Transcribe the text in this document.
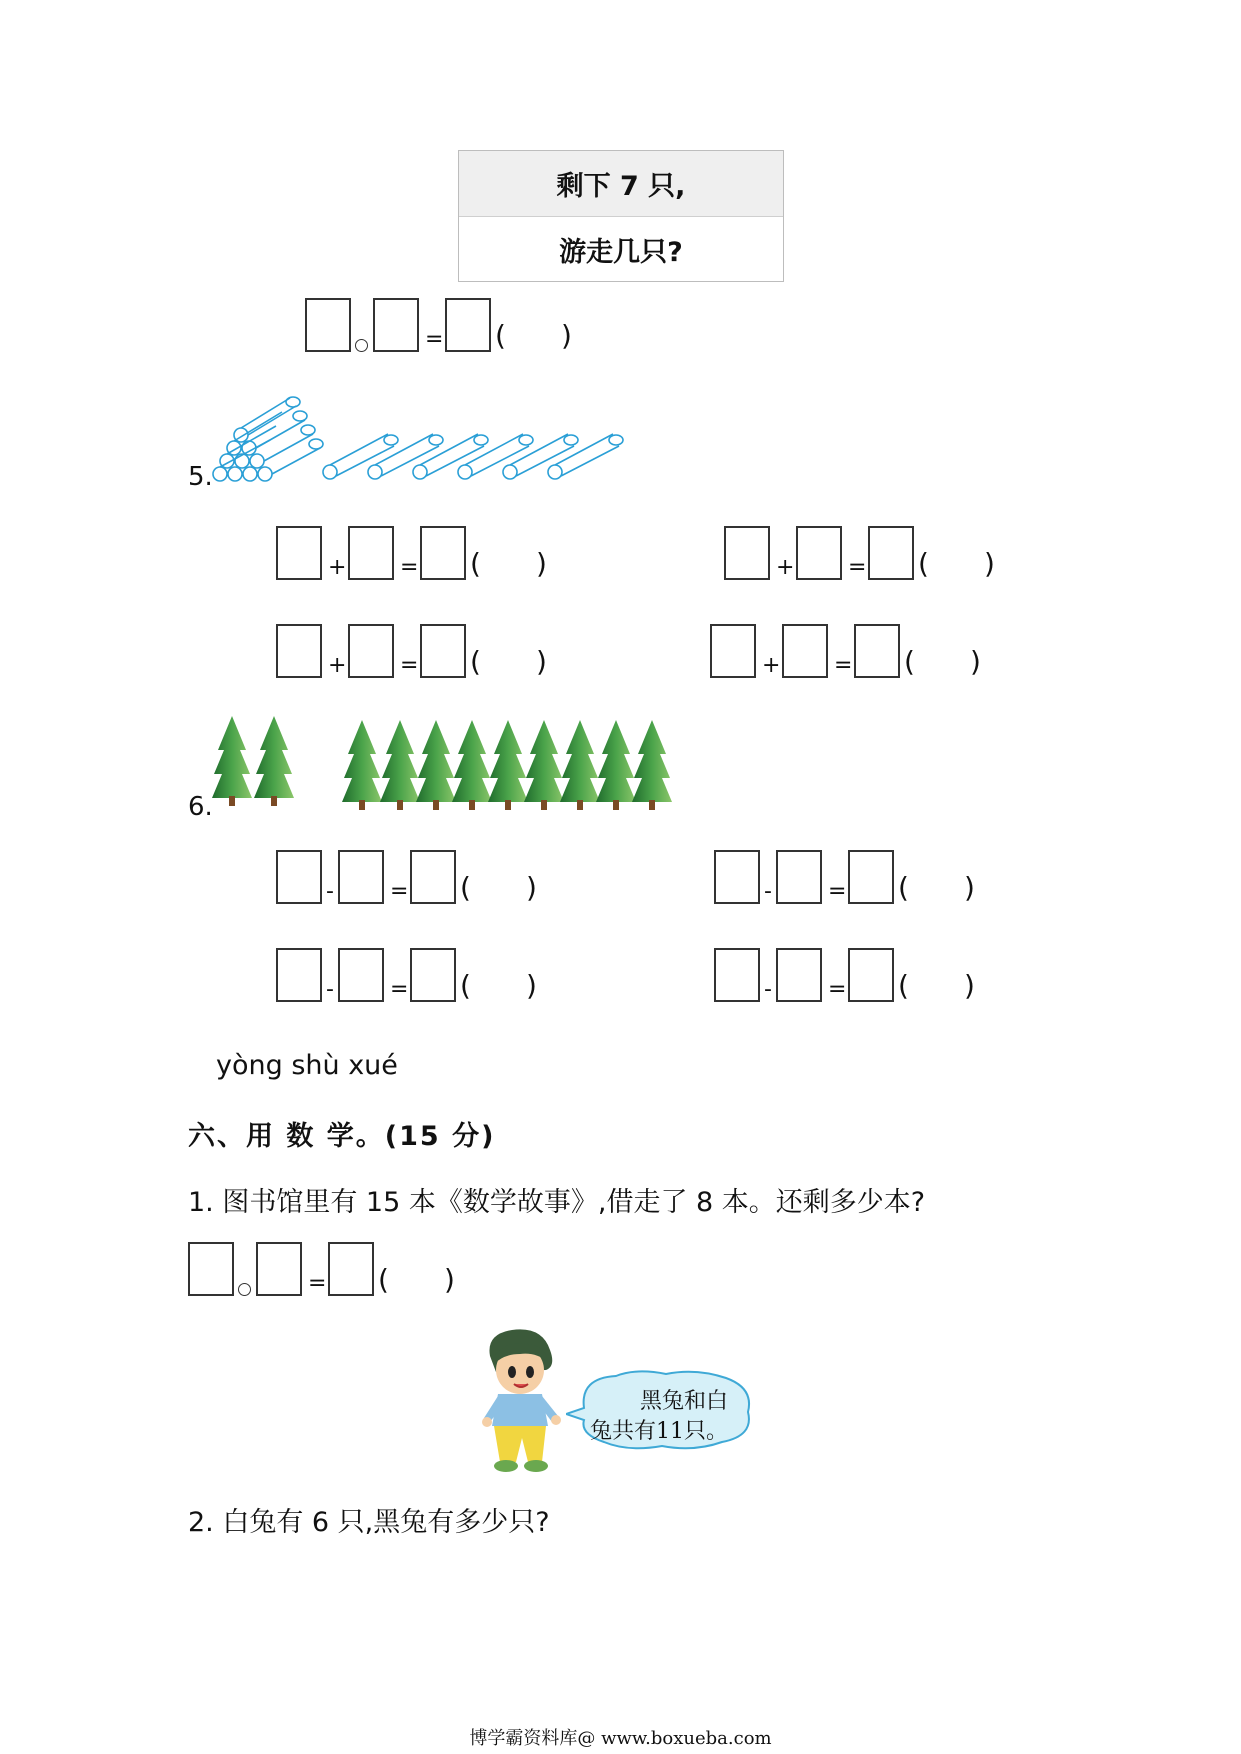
剩下 7 只,
游走几只?
= ( )
5.
+ = ( )	+ = ( )
+ = ( )	+ = ( )
6.
-	= ( )	-	= ( )
-	= ( )	-	= ( )
yòng shù xué
六、用 数 学。(15 分)
1. 图书馆里有 15 本《数学故事》,借走了 8 本。还剩多少本?
= ( )
黑兔和白
兔共有11只。
2. 白兔有 6 只,黑兔有多少只?
博学霸资料库@ www.boxueba.com
